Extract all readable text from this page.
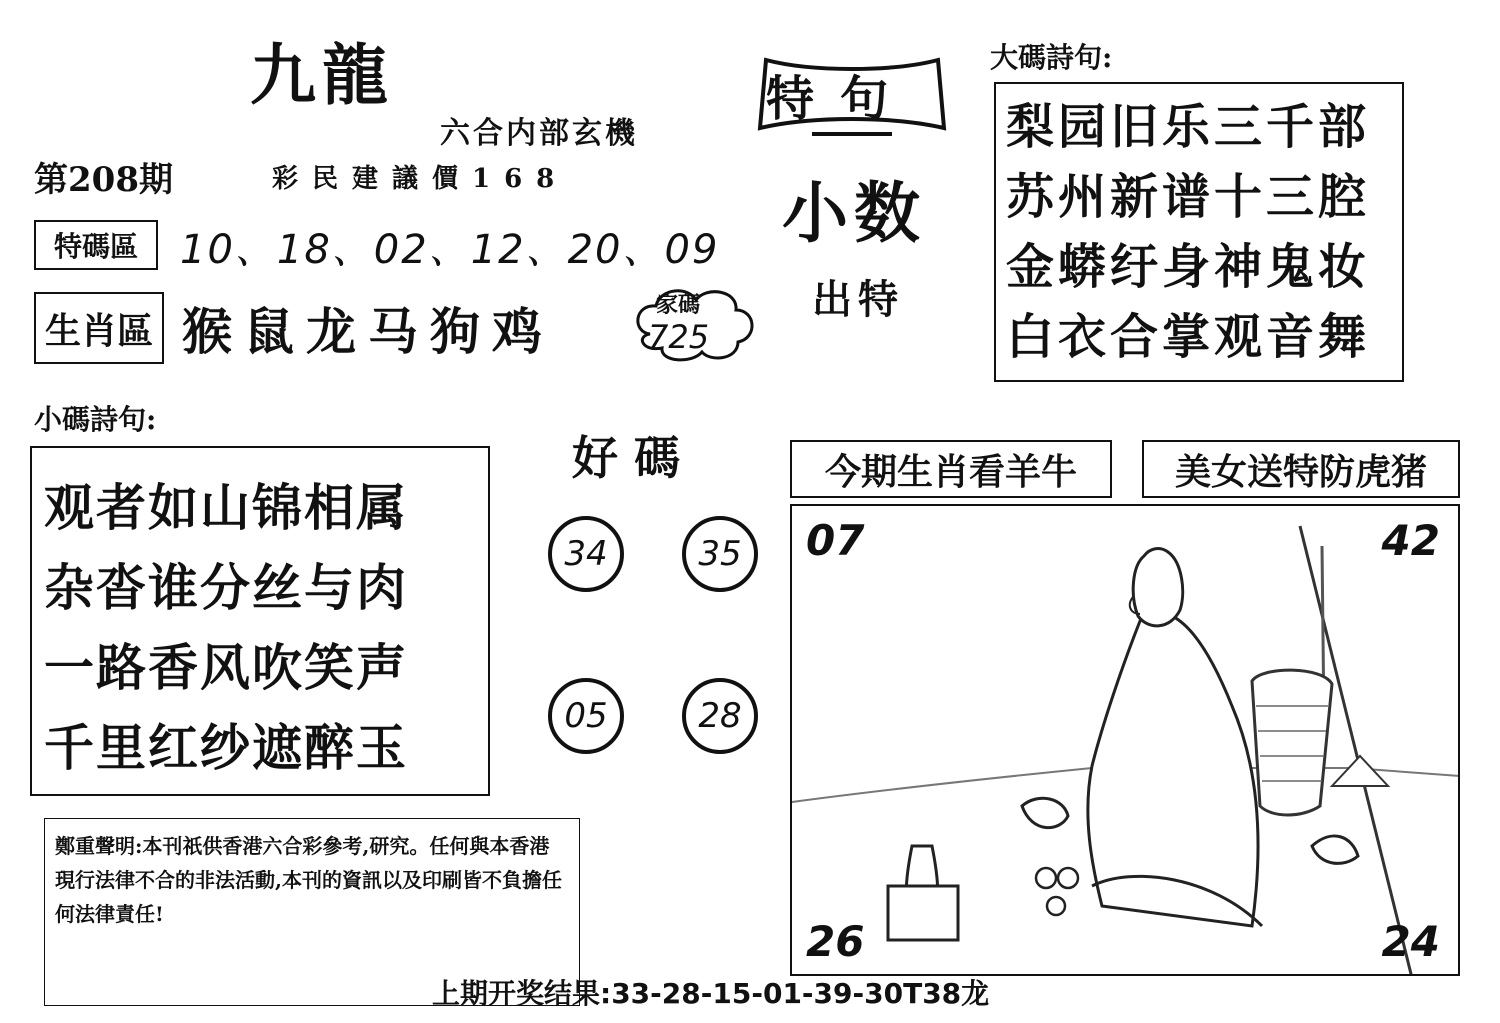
九龍
六合内部玄機
第208期	彩民建議價168
特碼區	10、18、02、12、20、09
生肖區 猴鼠龙马狗鸡	家碼
725
特句
小数
出特
大碼詩句:
梨园旧乐三千部
苏州新谱十三腔
金蟒纡身神鬼妆
白衣合掌观音舞
小碼詩句:
观者如山锦相属
杂沓谁分丝与肉
一路香风吹笑声
千里红纱遮醉玉
好碼
34	35
05	28
今期生肖看羊牛	美女送特防虎猪
07	42
26	24
鄭重聲明:本刊祇供香港六合彩參考,研究。任何與本香港現行法律不合的非法活動,本刊的資訊以及印刷皆不負擔任何法律責任!
上期开奖结果:33-28-15-01-39-30T38龙
